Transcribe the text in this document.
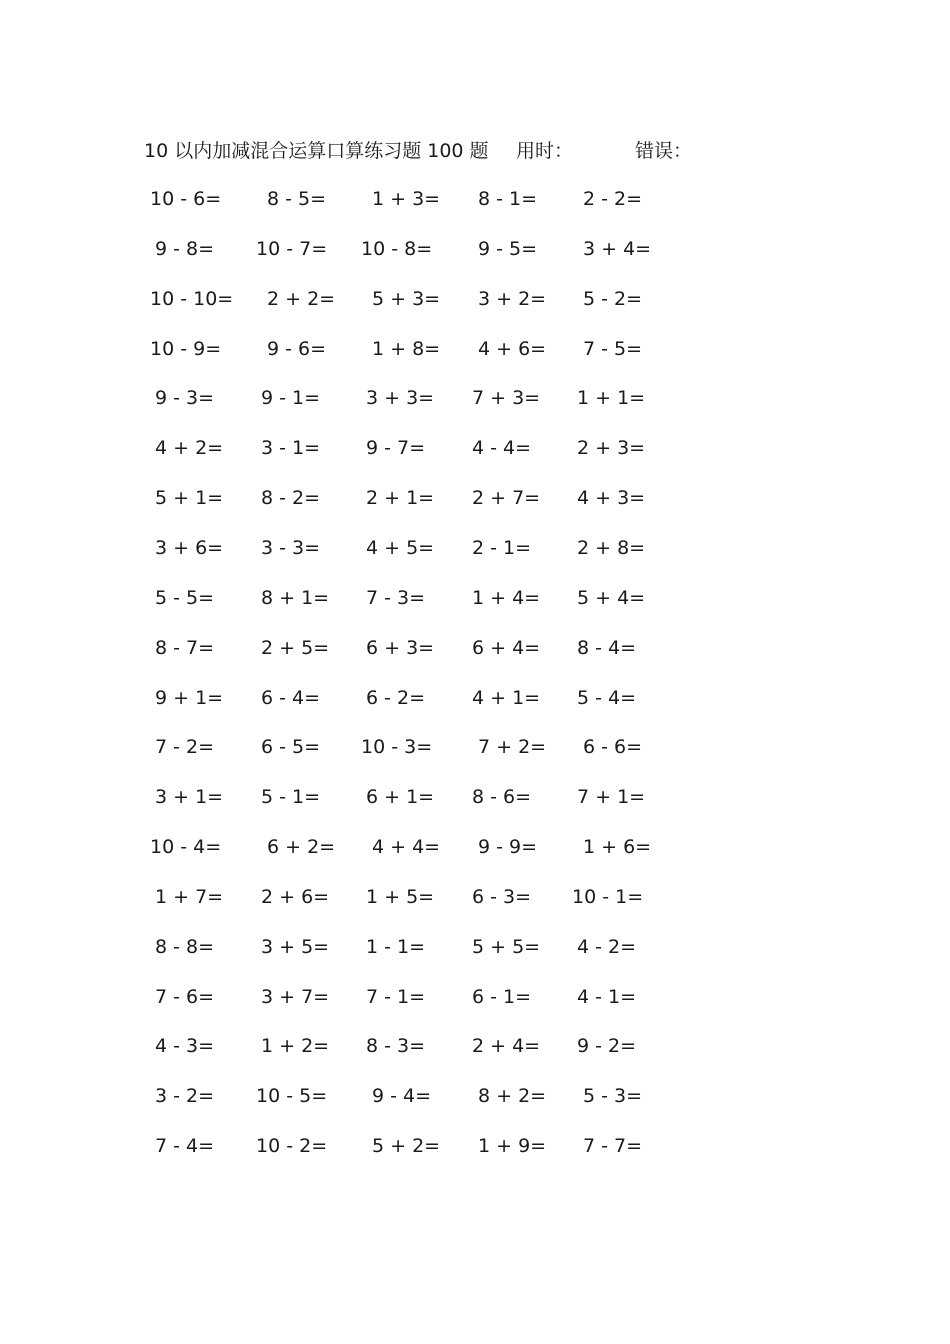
10 以内加减混合运算口算练习题 100 题 用时：	错误：
10 - 6= 8 - 5= 1 + 3= 8 - 1= 2 - 2=
9 - 8= 10 - 7= 10 - 8= 9 - 5= 3 + 4=
10 - 10= 2 + 2= 5 + 3= 3 + 2= 5 - 2=
10 - 9= 9 - 6= 1 + 8= 4 + 6= 7 - 5=
9 - 3= 9 - 1= 3 + 3= 7 + 3= 1 + 1=
4 + 2= 3 - 1= 9 - 7= 4 - 4= 2 + 3=
5 + 1= 8 - 2= 2 + 1= 2 + 7= 4 + 3=
3 + 6= 3 - 3= 4 + 5= 2 - 1= 2 + 8=
5 - 5= 8 + 1= 7 - 3= 1 + 4= 5 + 4=
8 - 7= 2 + 5= 6 + 3= 6 + 4= 8 - 4=
9 + 1= 6 - 4= 6 - 2= 4 + 1= 5 - 4=
7 - 2= 6 - 5= 10 - 3= 7 + 2= 6 - 6=
3 + 1= 5 - 1= 6 + 1= 8 - 6= 7 + 1=
10 - 4= 6 + 2= 4 + 4= 9 - 9= 1 + 6=
1 + 7= 2 + 6= 1 + 5= 6 - 3= 10 - 1=
8 - 8= 3 + 5= 1 - 1= 5 + 5= 4 - 2=
7 - 6= 3 + 7= 7 - 1= 6 - 1= 4 - 1=
4 - 3= 1 + 2= 8 - 3= 2 + 4= 9 - 2=
3 - 2= 10 - 5= 9 - 4= 8 + 2= 5 - 3=
7 - 4= 10 - 2= 5 + 2= 1 + 9= 7 - 7=
